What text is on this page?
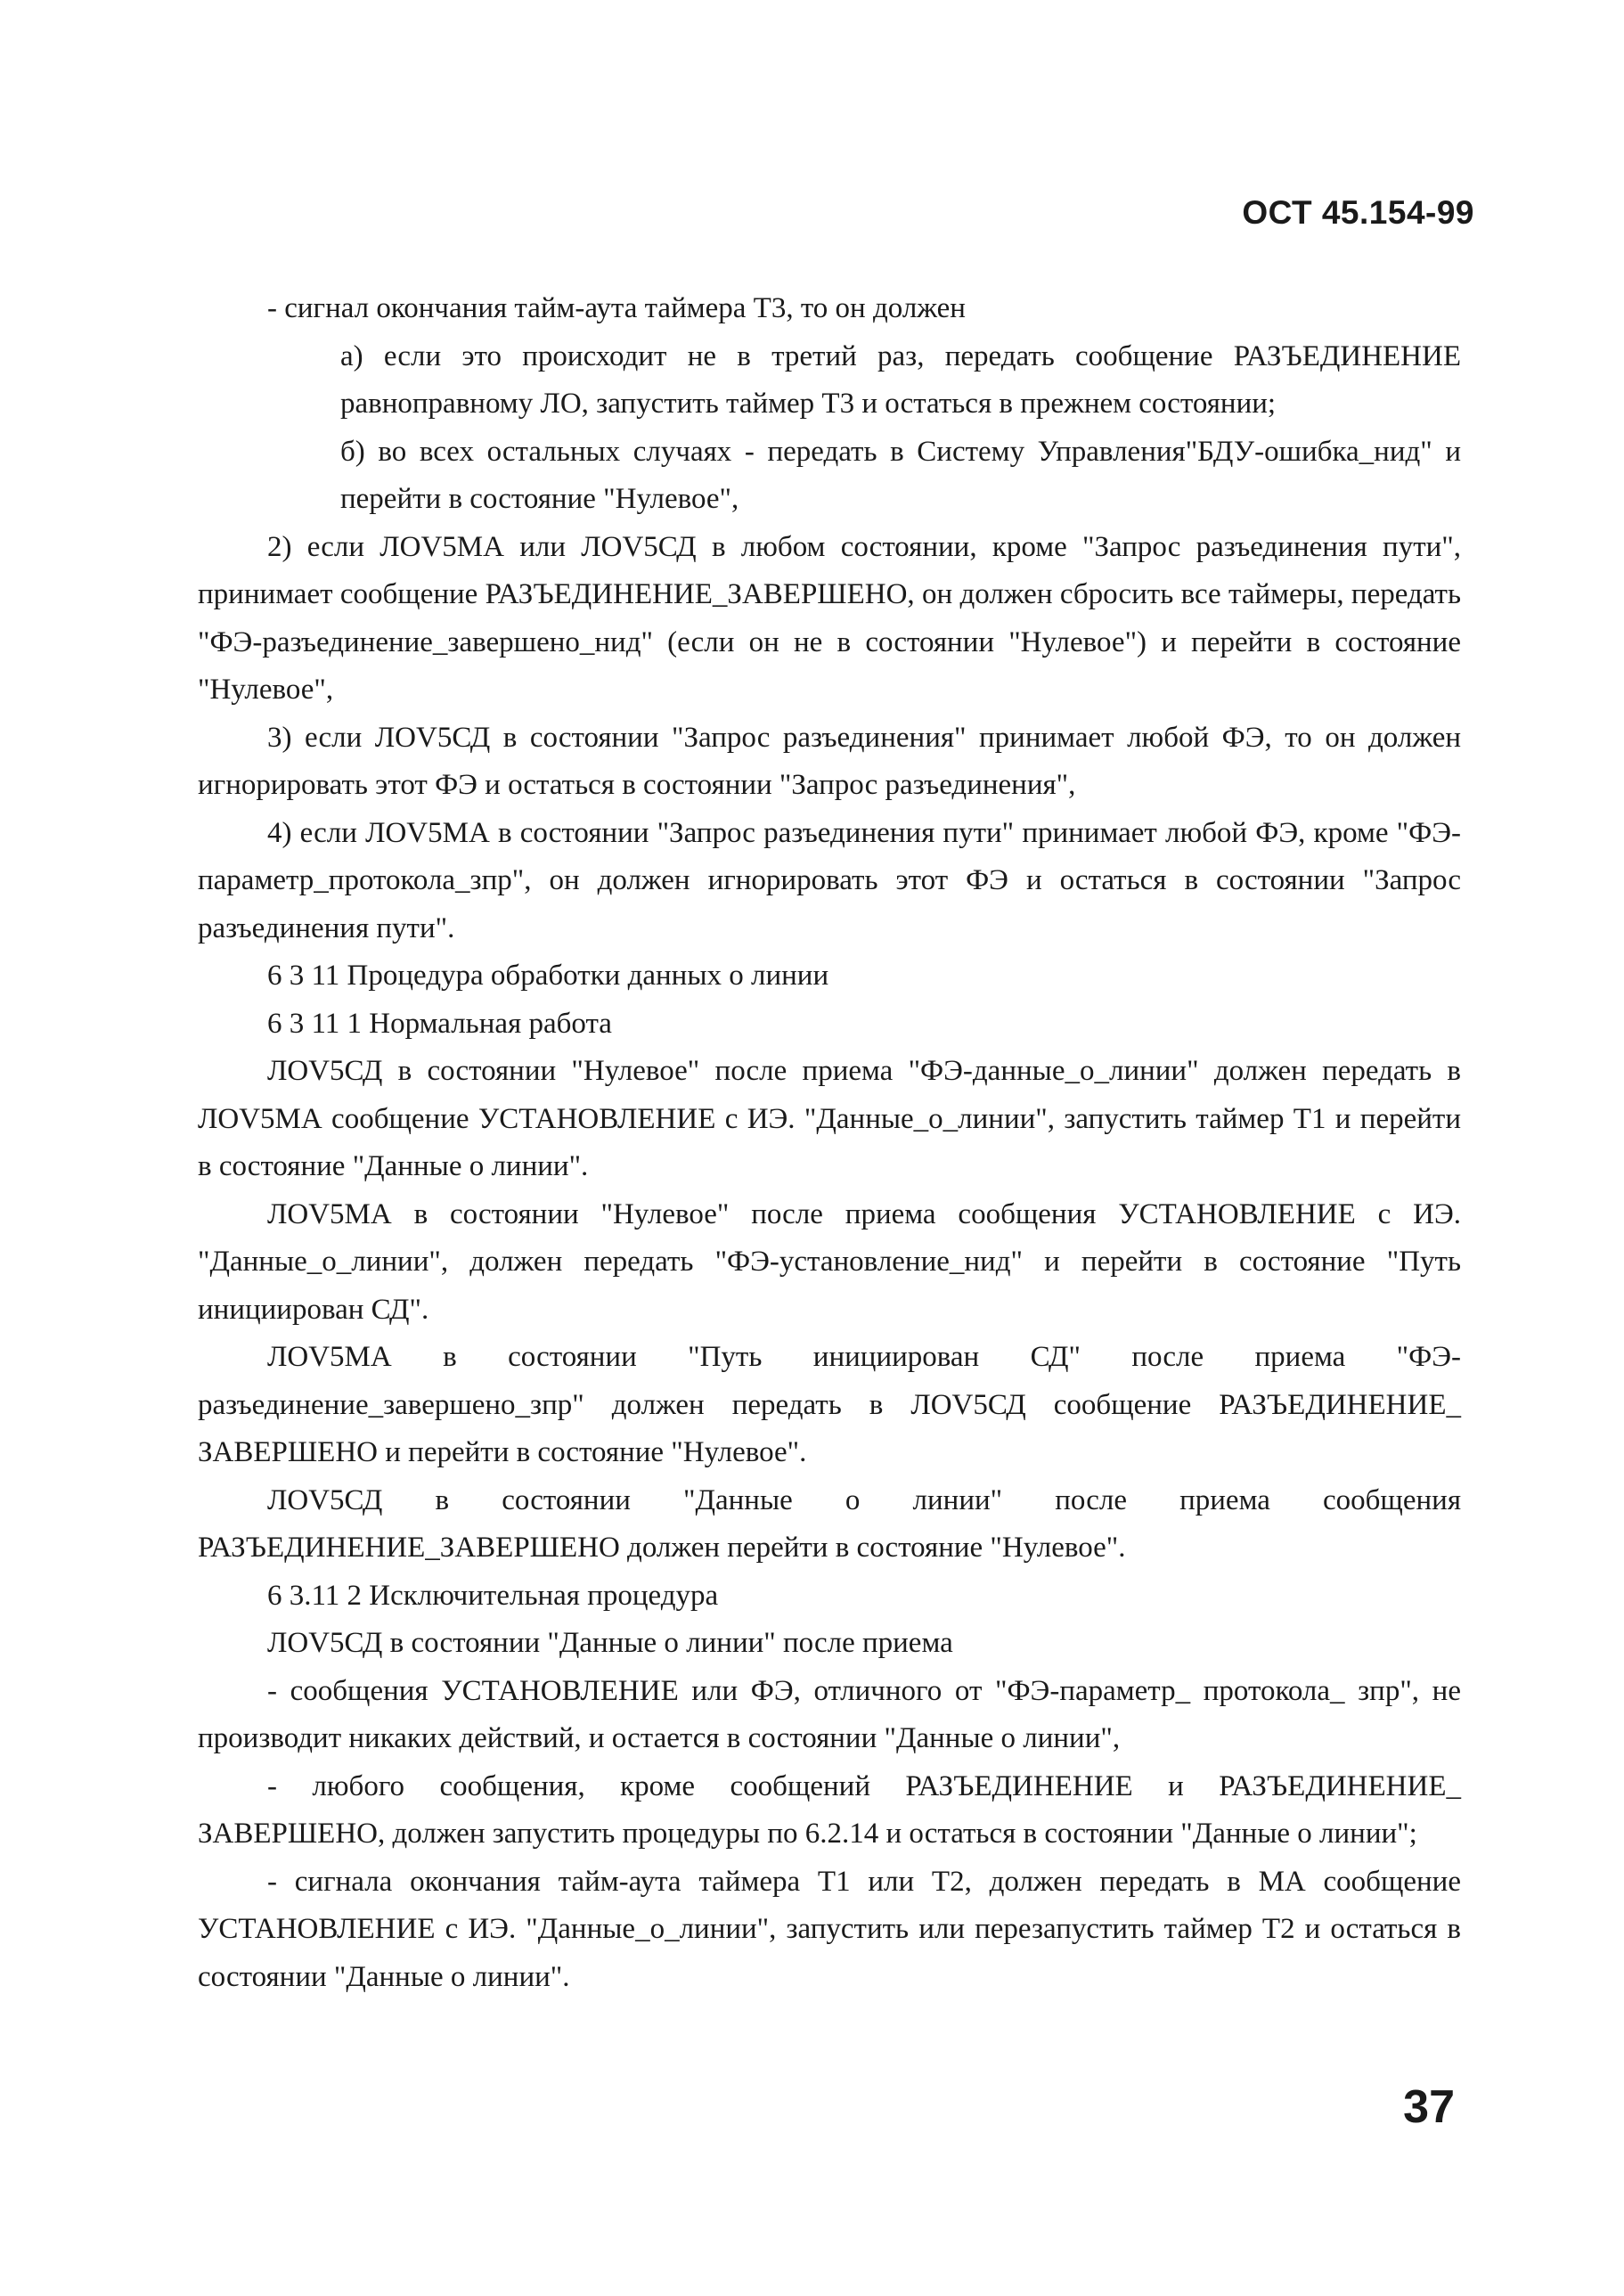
ОСТ 45.154-99

- сигнал окончания тайм-аута таймера Т3, то он должен

а) если это происходит не в третий раз, передать сообщение РАЗЪЕДИНЕНИЕ равноправному ЛО, запустить таймер Т3 и остаться в прежнем состоянии;

б) во всех остальных случаях - передать в Систему Управления"БДУ-ошибка_нид" и перейти в состояние "Нулевое",

2) если ЛОV5МА или ЛОV5СД в любом состоянии, кроме "Запрос разъединения пути", принимает сообщение РАЗЪЕДИНЕНИЕ_ЗАВЕРШЕНО, он должен сбросить все таймеры, передать "ФЭ-разъединение_завершено_нид" (если он не в состоянии "Нулевое") и перейти в состояние "Нулевое",

3) если ЛОV5СД в состоянии "Запрос разъединения" принимает любой ФЭ, то он должен игнорировать этот ФЭ и остаться в состоянии "Запрос разъединения",

4) если ЛОV5МА в состоянии "Запрос разъединения пути" принимает любой ФЭ, кроме "ФЭ-параметр_протокола_зпр", он должен игнорировать этот ФЭ и остаться в состоянии "Запрос разъединения пути".

6 3 11 Процедура обработки данных о линии

6 3 11 1 Нормальная работа

ЛОV5СД в состоянии "Нулевое" после приема "ФЭ-данные_о_линии" должен передать в ЛОV5МА сообщение УСТАНОВЛЕНИЕ с ИЭ. "Данные_о_линии", запустить таймер Т1 и перейти в состояние "Данные о линии".

ЛОV5МА в состоянии "Нулевое" после приема сообщения УСТАНОВЛЕНИЕ с ИЭ. "Данные_о_линии", должен передать "ФЭ-установление_нид" и перейти в состояние "Путь инициирован СД".

ЛОV5МА в состоянии "Путь инициирован СД" после приема "ФЭ-разъединение_завершено_зпр" должен передать в ЛОV5СД сообщение РАЗЪЕДИНЕНИЕ_ ЗАВЕРШЕНО и перейти в состояние "Нулевое".

ЛОV5СД в состоянии "Данные о линии" после приема сообщения РАЗЪЕДИНЕНИЕ_ЗАВЕРШЕНО должен перейти в состояние "Нулевое".

6 3.11 2 Исключительная процедура

ЛОV5СД в состоянии "Данные о линии" после приема

- сообщения УСТАНОВЛЕНИЕ или ФЭ, отличного от "ФЭ-параметр_ протокола_ зпр", не производит никаких действий, и остается в состоянии "Данные о линии",

- любого сообщения, кроме сообщений РАЗЪЕДИНЕНИЕ и РАЗЪЕДИНЕНИЕ_ ЗАВЕРШЕНО, должен запустить процедуры по 6.2.14 и остаться в состоянии "Данные о линии";

- сигнала окончания тайм-аута таймера Т1 или Т2, должен передать в МА сообщение УСТАНОВЛЕНИЕ с ИЭ. "Данные_о_линии", запустить или перезапустить таймер Т2 и остаться в состоянии "Данные о линии".

37
